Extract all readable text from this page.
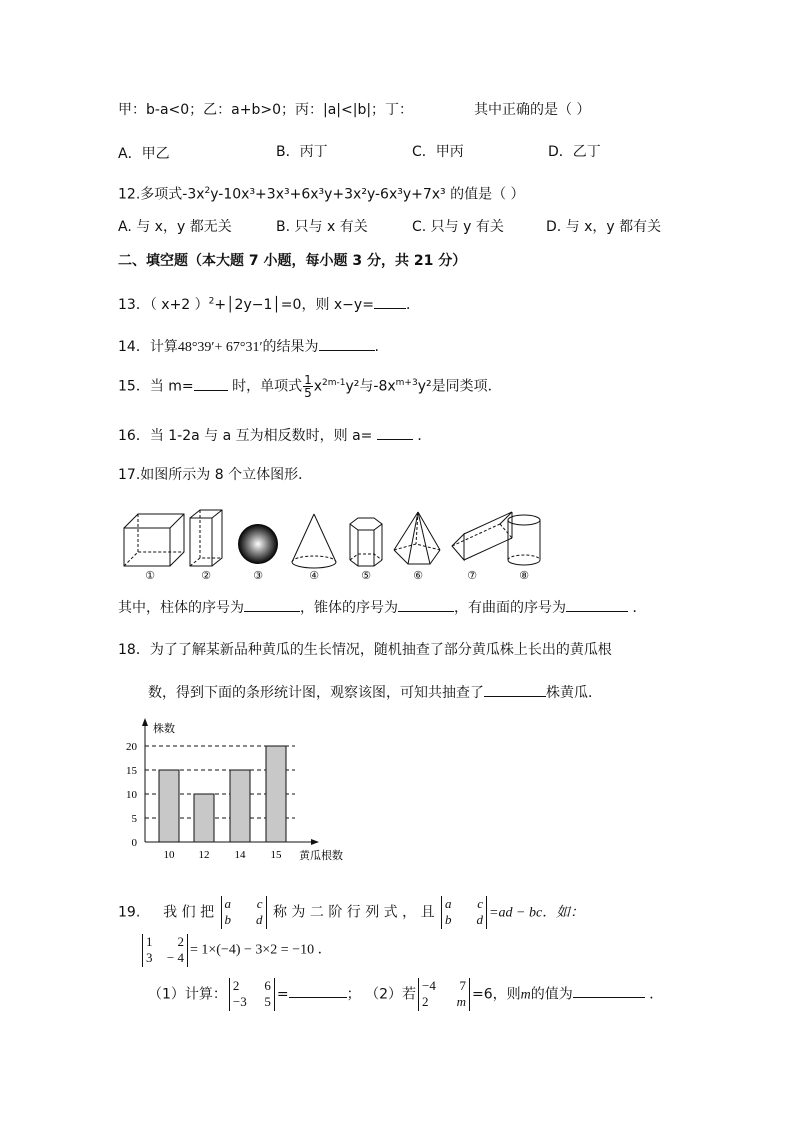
甲：b-a<0；乙：a+b>0；丙：|a|<|b|；丁：	其中正确的是（ ）
A．甲乙	B．丙丁	C．甲丙	D．乙丁
12.多项式$-3x^2y-10x^3+3x^3+6x^3y+3x^2y-6x^3y+7x^3$ 的值是（ ）
A. 与 x，y 都无关	B. 只与 x 有关	C. 只与 y 有关	D. 与 x，y 都有关
二、填空题（本大题 7 小题，每小题 3 分，共 21 分）
13．（ x+2 ）$^2$+│2y−1│=0，则 x−y= ．
14．计算48°39′+ 67°31′的结果为	.
15．当 m=	时，单项式 $\frac{1}{5} x^{2m-1}y^2$与$-8x^{m+3}y^2$是同类项．
16．当 1-2a 与 a 互为相反数时，则 a=	．
17.如图所示为 8 个立体图形．
①	②	③	④	⑤	⑥	⑦	⑧
其中，柱体的序号为	，锥体的序号为	，有曲面的序号为	．
18．为了了解某新品种黄瓜的生长情况，随机抽查了部分黄瓜株上长出的黄瓜根
数，得到下面的条形统计图，观察该图，可知共抽查了	株黄瓜．
0
5
10
15
20
株数
10 12 14 15 黄瓜根数
19. 我 们 把
a c
b d 称 为 二 阶 行 列 式 ， 且
a c
b d =ad − bc．如：
1 2
3 − 4
= 1×(−4) − 3×2 = −10 ．
（1）计算：
2 6
−3 5 =	； （2）若
−4 7
2 m =6，则m的值为	．
